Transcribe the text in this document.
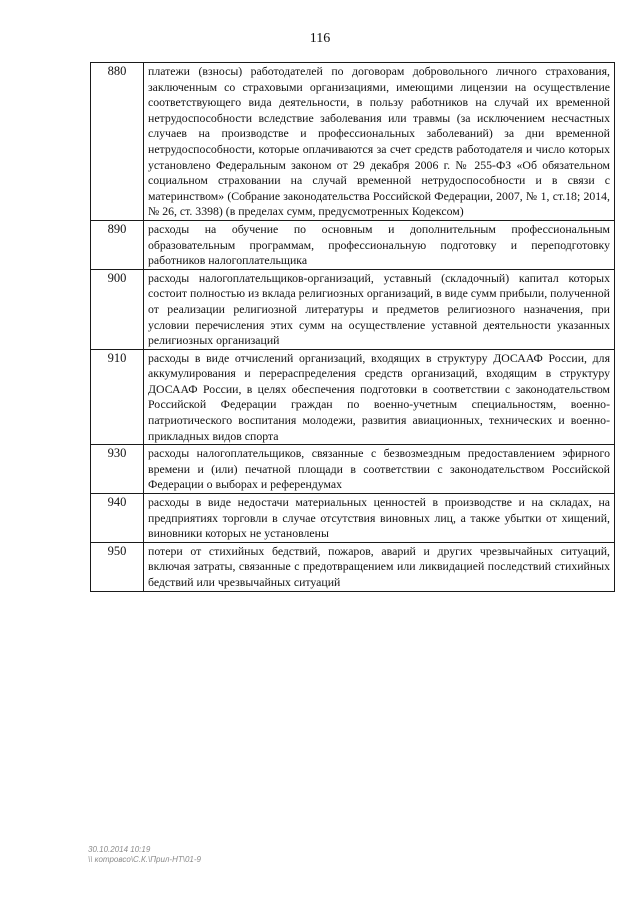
116
880	платежи (взносы) работодателей по договорам добровольного личного страхования, заключенным со страховыми организациями, имеющими лицензии на осуществление соответствующего вида деятельности, в пользу работников на случай их временной нетрудоспособности вследствие заболевания или травмы (за исключением несчастных случаев на производстве и профессиональных заболеваний) за дни временной нетрудоспособности, которые оплачиваются за счет средств работодателя и число которых установлено Федеральным законом от 29 декабря 2006 г. № 255-ФЗ «Об обязательном социальном страховании на случай временной нетрудоспособности и в связи с материнством» (Собрание законодательства Российской Федерации, 2007, № 1, ст.18; 2014, № 26, ст. 3398) (в пределах сумм, предусмотренных Кодексом)
890	расходы на обучение по основным и дополнительным профессиональным образовательным программам, профессиональную подготовку и переподготовку работников налогоплательщика
900	расходы налогоплательщиков-организаций, уставный (складочный) капитал которых состоит полностью из вклада религиозных организаций, в виде сумм прибыли, полученной от реализации религиозной литературы и предметов религиозного назначения, при условии перечисления этих сумм на осуществление уставной деятельности указанных религиозных организаций
910	расходы в виде отчислений организаций, входящих в структуру ДОСААФ России, для аккумулирования и перераспределения средств организаций, входящим в структуру ДОСААФ России, в целях обеспечения подготовки в соответствии с законодательством Российской Федерации граждан по военно-учетным специальностям, военно-патриотического воспитания молодежи, развития авиационных, технических и военно-прикладных видов спорта
930	расходы налогоплательщиков, связанные с безвозмездным предоставлением эфирного времени и (или) печатной площади в соответствии с законодательством Российской Федерации о выборах и референдумах
940	расходы в виде недостачи материальных ценностей в производстве и на складах, на предприятиях торговли в случае отсутствия виновных лиц, а также убытки от хищений, виновники которых не установлены
950	потери от стихийных бедствий, пожаров, аварий и других чрезвычайных ситуаций, включая затраты, связанные с предотвращением или ликвидацией последствий стихийных бедствий или чрезвычайных ситуаций
30.10.2014 10:19
\\ котровсо\С.К.\Прил-НТ\01-9
